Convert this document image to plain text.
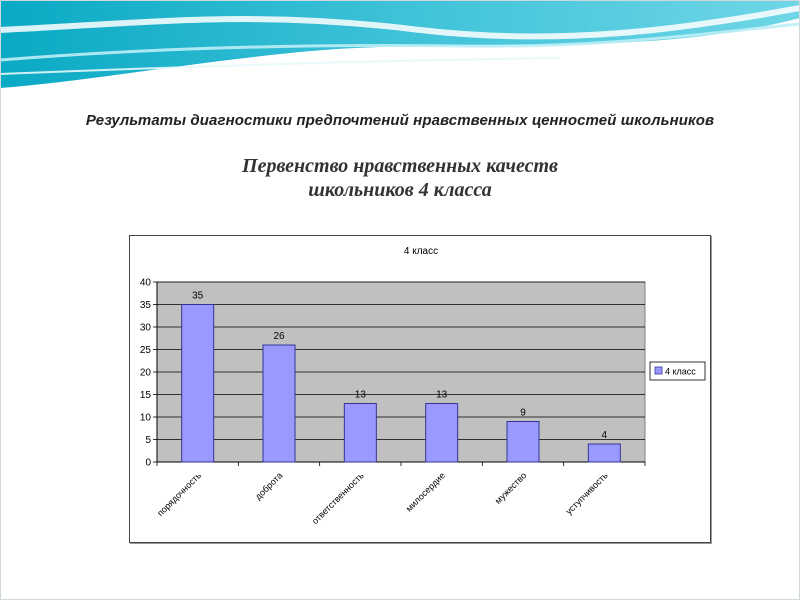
Результаты диагностики предпочтений нравственных ценностей школьников
Первенство нравственных качеств
школьников 4 класса
4 класс
0
5
10
15
20
25
30
35
40
35
порядочность
26
доброта
13
ответственность
13
милосердие
9
мужество
4
уступчивость
4 класс
